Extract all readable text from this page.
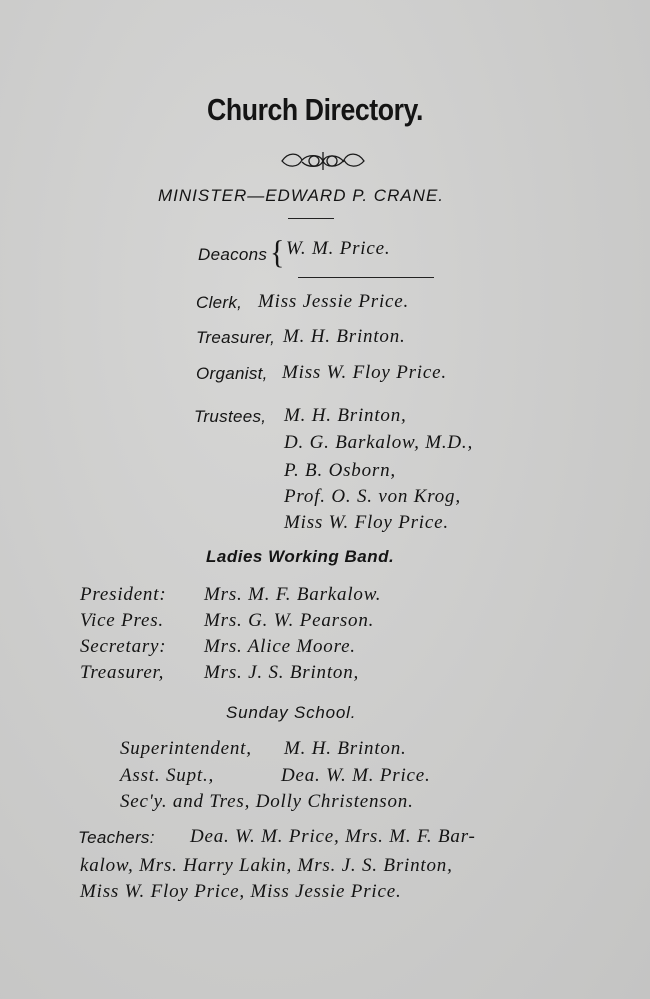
Church Directory.
MINISTER—EDWARD P. CRANE.
Deacons { W. M. Price.
Clerk, Miss Jessie Price.
Treasurer, M. H. Brinton.
Organist, Miss W. Floy Price.
Trustees, M. H. Brinton,
D. G. Barkalow, M.D.,
P. B. Osborn,
Prof. O. S. von Krog,
Miss W. Floy Price.
Ladies Working Band.
President: Mrs. M. F. Barkalow.
Vice Pres. Mrs. G. W. Pearson.
Secretary: Mrs. Alice Moore.
Treasurer, Mrs. J. S. Brinton,
Sunday School.
Superintendent, M. H. Brinton.
Asst. Supt.,	Dea. W. M. Price.
Sec'y. and Tres, Dolly Christenson.
Teachers: Dea. W. M. Price, Mrs. M. F. Bar-
kalow, Mrs. Harry Lakin, Mrs. J. S. Brinton,
Miss W. Floy Price, Miss Jessie Price.
